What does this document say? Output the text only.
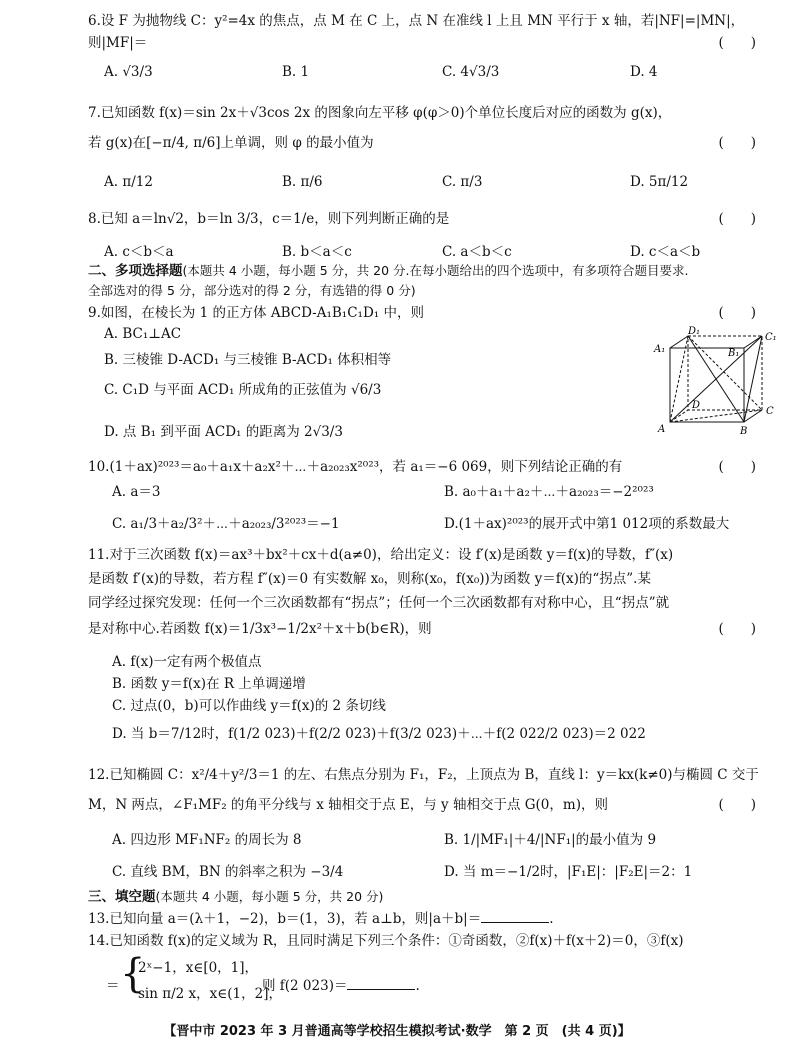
6.设 F 为抛物线 C：y²=4x 的焦点，点 M 在 C 上，点 N 在准线 l 上且 MN 平行于 x 轴，若|NF|=|MN|，
则|MF|＝	(　　)
A. √3/3	B. 1	C. 4√3/3	D. 4
7.已知函数 f(x)＝sin 2x＋√3cos 2x 的图象向左平移 φ(φ＞0)个单位长度后对应的函数为 g(x)，
若 g(x)在[−π/4, π/6]上单调，则 φ 的最小值为	(　　)
A. π/12	B. π/6	C. π/3	D. 5π/12
8.已知 a＝ln√2，b＝ln 3/3，c＝1/e，则下列判断正确的是	(　　)
A. c＜b＜a	B. b＜a＜c	C. a＜b＜c	D. c＜a＜b
二、多项选择题(本题共 4 小题，每小题 5 分，共 20 分.在每小题给出的四个选项中，有多项符合题目要求.
全部选对的得 5 分，部分选对的得 2 分，有选错的得 0 分)
9.如图，在棱长为 1 的正方体 ABCD-A₁B₁C₁D₁ 中，则	(　　)
A. BC₁⊥AC
B. 三棱锥 D-ACD₁ 与三棱锥 B-ACD₁ 体积相等
C. C₁D 与平面 ACD₁ 所成角的正弦值为 √6/3
D. 点 B₁ 到平面 ACD₁ 的距离为 2√3/3
D₁
C₁
A₁	B₁
D
C
A	B
10.(1＋ax)²⁰²³＝a₀＋a₁x＋a₂x²＋⋯＋a₂₀₂₃x²⁰²³，若 a₁＝−6 069，则下列结论正确的有	(　　)
A. a＝3	B. a₀＋a₁＋a₂＋⋯＋a₂₀₂₃＝−2²⁰²³
C. a₁/3＋a₂/3²＋⋯＋a₂₀₂₃/3²⁰²³＝−1	D.(1＋ax)²⁰²³的展开式中第1 012项的系数最大
11.对于三次函数 f(x)＝ax³＋bx²＋cx＋d(a≠0)，给出定义：设 f′(x)是函数 y＝f(x)的导数，f″(x)
是函数 f′(x)的导数，若方程 f″(x)＝0 有实数解 x₀，则称(x₀，f(x₀))为函数 y＝f(x)的“拐点”.某
同学经过探究发现：任何一个三次函数都有“拐点”；任何一个三次函数都有对称中心，且“拐点”就
是对称中心.若函数 f(x)＝1/3x³−1/2x²＋x＋b(b∈R)，则	(　　)
A. f(x)一定有两个极值点
B. 函数 y＝f(x)在 R 上单调递增
C. 过点(0，b)可以作曲线 y＝f(x)的 2 条切线
D. 当 b＝7/12时，f(1/2 023)＋f(2/2 023)＋f(3/2 023)＋⋯＋f(2 022/2 023)＝2 022
12.已知椭圆 C：x²/4＋y²/3＝1 的左、右焦点分别为 F₁，F₂，上顶点为 B，直线 l：y＝kx(k≠0)与椭圆 C 交于
M，N 两点，∠F₁MF₂ 的角平分线与 x 轴相交于点 E，与 y 轴相交于点 G(0，m)，则	(　　)
A. 四边形 MF₁NF₂ 的周长为 8	B. 1/|MF₁|＋4/|NF₁|的最小值为 9
C. 直线 BM，BN 的斜率之积为 −3/4	D. 当 m＝−1/2时，|F₁E|：|F₂E|＝2：1
三、填空题(本题共 4 小题，每小题 5 分，共 20 分)
13.已知向量 a＝(λ＋1，−2)，b＝(1，3)，若 a⊥b，则|a＋b|＝	.
14.已知函数 f(x)的定义域为 R，且同时满足下列三个条件：①奇函数，②f(x)＋f(x＋2)＝0，③f(x)
＝ {
2ˣ−1，x∈[0，1]，
sin π/2 x，x∈(1，2]，
则 f(2 023)＝	.
【晋中市 2023 年 3 月普通高等学校招生模拟考试·数学　第 2 页　(共 4 页)】
